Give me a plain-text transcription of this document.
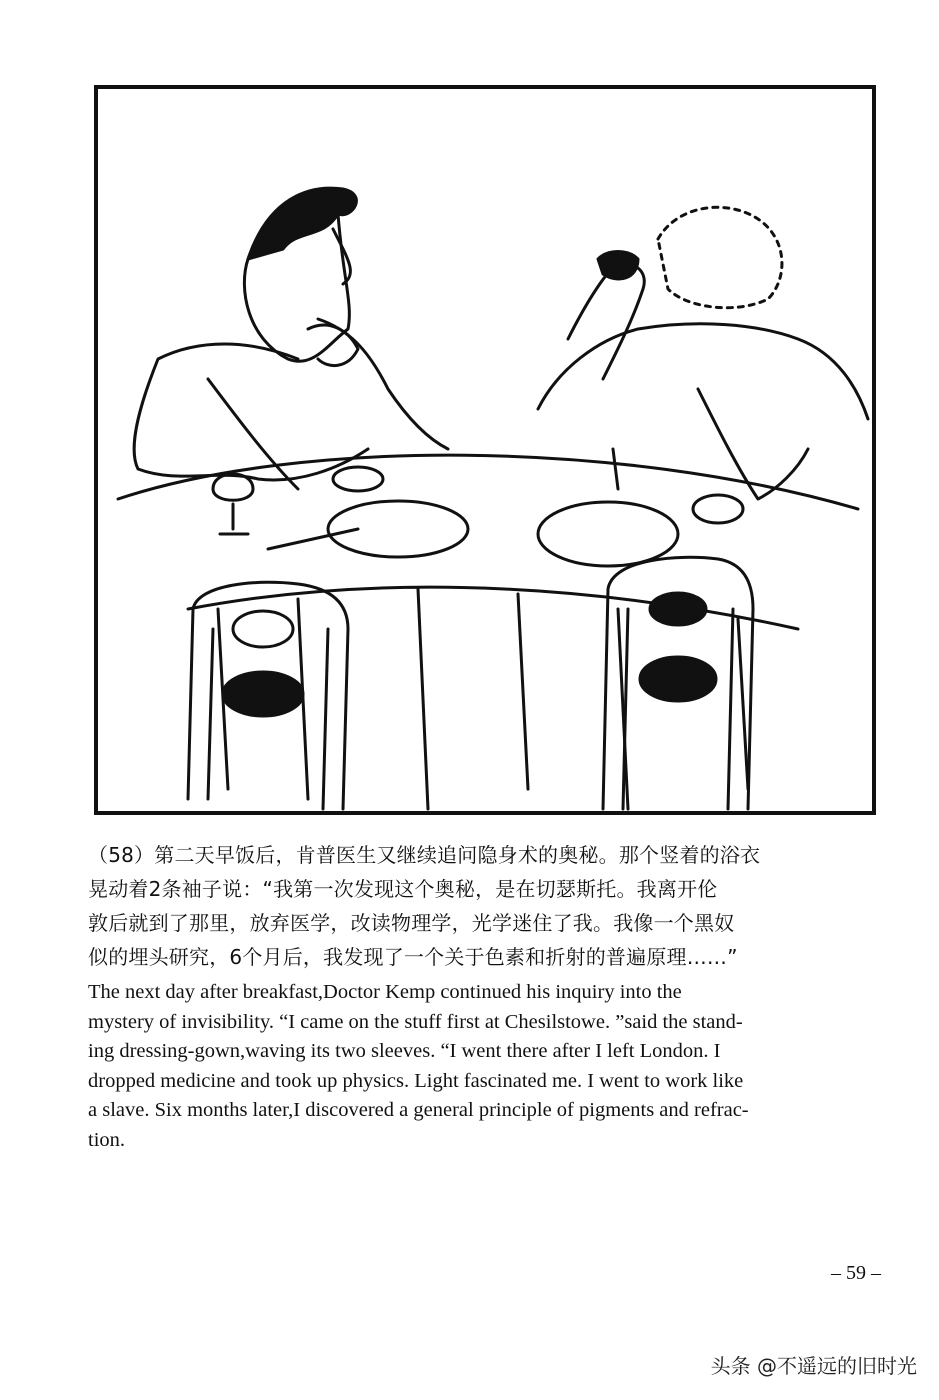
（58）第二天早饭后，肯普医生又继续追问隐身术的奥秘。那个竖着的浴衣
晃动着2条袖子说：“我第一次发现这个奥秘，是在切瑟斯托。我离开伦
敦后就到了那里，放弃医学，改读物理学，光学迷住了我。我像一个黑奴
似的埋头研究，6个月后，我发现了一个关于色素和折射的普遍原理……”

The next day after breakfast,Doctor Kemp continued his inquiry into the
mystery of invisibility. “I came on the stuff first at Chesilstowe. ”said the stand-
ing dressing-gown,waving its two sleeves. “I went there after I left London. I
dropped medicine and took up physics. Light fascinated me. I went to work like
a slave. Six months later,I discovered a general principle of pigments and refrac-
tion.

– 59 –
头条 @不遥远的旧时光
